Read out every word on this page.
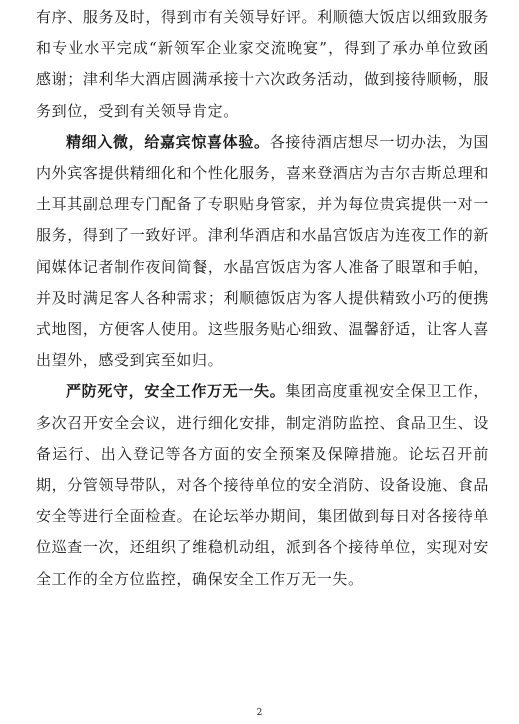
有序、服务及时，得到市有关领导好评。利顺德大饭店以细致服务和专业水平完成“新领军企业家交流晚宴”，得到了承办单位致函感谢；津利华大酒店圆满承接十六次政务活动，做到接待顺畅，服务到位，受到有关领导肯定。

精细入微，给嘉宾惊喜体验。各接待酒店想尽一切办法，为国内外宾客提供精细化和个性化服务，喜来登酒店为吉尔吉斯总理和土耳其副总理专门配备了专职贴身管家，并为每位贵宾提供一对一服务，得到了一致好评。津利华酒店和水晶宫饭店为连夜工作的新闻媒体记者制作夜间简餐，水晶宫饭店为客人准备了眼罩和手帕，并及时满足客人各种需求；利顺德饭店为客人提供精致小巧的便携式地图，方便客人使用。这些服务贴心细致、温馨舒适，让客人喜出望外，感受到宾至如归。

严防死守，安全工作万无一失。集团高度重视安全保卫工作，多次召开安全会议，进行细化安排，制定消防监控、食品卫生、设备运行、出入登记等各方面的安全预案及保障措施。论坛召开前期，分管领导带队，对各个接待单位的安全消防、设备设施、食品安全等进行全面检查。在论坛举办期间，集团做到每日对各接待单位巡查一次，还组织了维稳机动组，派到各个接待单位，实现对安全工作的全方位监控，确保安全工作万无一失。

2
